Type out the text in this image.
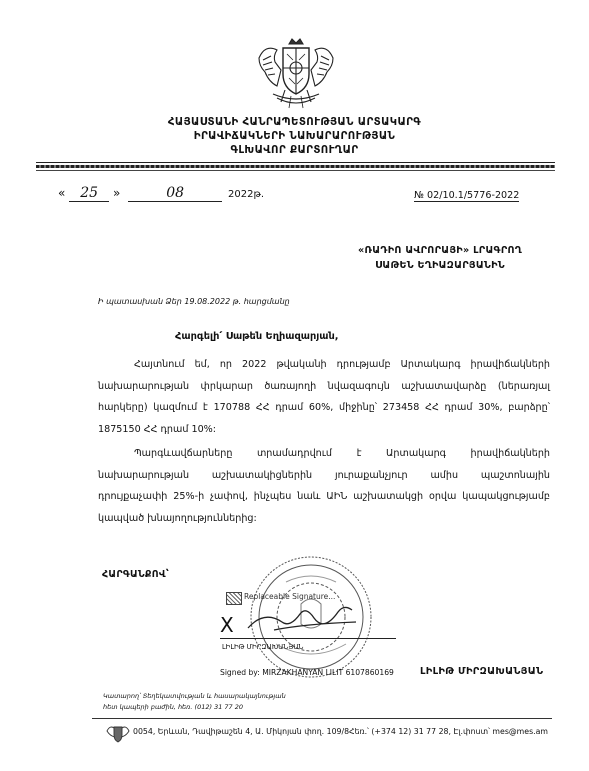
ՀԱՅԱՍՏԱՆԻ ՀԱՆՐԱՊԵՏՈՒԹՅԱՆ ԱՐՏԱԿԱՐԳ
ԻՐԱՎԻՃԱԿՆԵՐԻ ՆԱԽԱՐԱՐՈՒԹՅԱՆ
ԳԼԽԱՎՈՐ ՔԱՐՏՈՒՂԱՐ
« 25 »	08	2022թ.	№ 02/10.1/5776-2022
«ՌԱԴԻՈ ԱՎՐՈՐԱՅԻ» ԼՐԱԳՐՈՂ
ՍԱԹԵՆ ԵՂԻԱԶԱՐՅԱՆԻՆ
Ի պատասխան Ձեր 19.08.2022 թ. հարցմանը
Հարգելի՛ Սաթեն Եղիազարյան,
Հայտնում եմ, որ 2022 թվականի դրությամբ Արտակարգ իրավիճակների
նախարարության փրկարար ծառայողի նվազագույն աշխատավարձը (ներառյալ
հարկերը) կազմում է 170788 ՀՀ դրամ 60%, միջինը՝ 273458 ՀՀ դրամ 30%, բարձրը՝
1875150 ՀՀ դրամ 10%:
Պարգևավճարները տրամադրվում է Արտակարգ իրավիճակների
նախարարության աշխատակիցներին յուրաքանչյուր ամիս պաշտոնային
դրույքաչափի 25%-ի չափով, ինչպես նաև ԱԻՆ աշխատակցի օրվա կապակցությամբ
կապված խնայողություններից:
ՀԱՐԳԱՆՔՈՎ՝
Replaceable Signature...
X
ԼԻԼԻԹ ՄԻՐԶԱԽԱՆՅԱՆ
Signed by: MIRZAKHANYAN LILIT 6107860169	ԼԻԼԻԹ ՄԻՐԶԱԽԱՆՅԱՆ
Կատարող՝ Տեղեկատվության և հասարակայնության
հետ կապերի բաժին, հեռ. (012) 31 77 20
0054, Երևան, Դավիթաշեն 4, Ա. Միկոյան փող. 109/8 Հեռ.՝ (+374 12) 31 77 28, Էլ.փոստ՝ mes@mes.am
